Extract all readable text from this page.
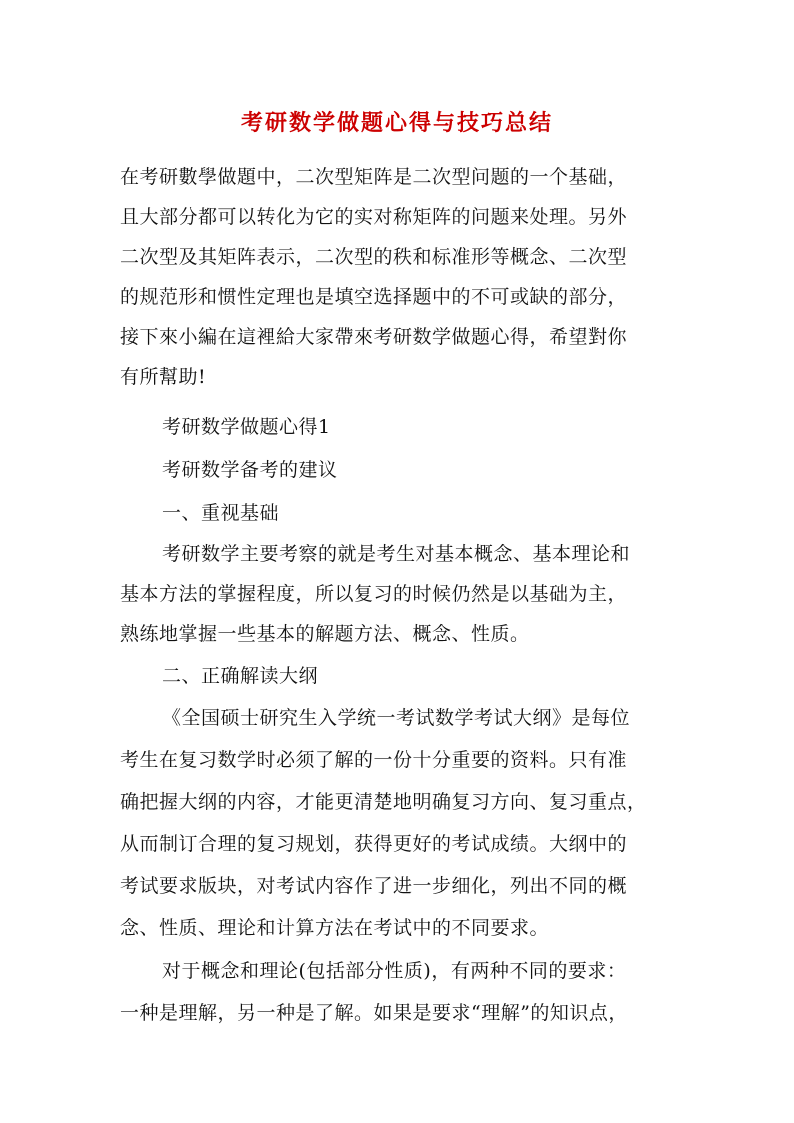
考研数学做题心得与技巧总结
在考研數學做題中，二次型矩阵是二次型问题的一个基础，
且大部分都可以转化为它的实对称矩阵的问题来处理。另外
二次型及其矩阵表示，二次型的秩和标准形等概念、二次型
的规范形和惯性定理也是填空选择题中的不可或缺的部分，
接下來小編在這裡給大家帶來考研数学做题心得，希望對你
有所幫助!
考研数学做题心得1
考研数学备考的建议
一、重视基础
考研数学主要考察的就是考生对基本概念、基本理论和
基本方法的掌握程度，所以复习的时候仍然是以基础为主，
熟练地掌握一些基本的解题方法、概念、性质。
二、正确解读大纲
《全国硕士研究生入学统一考试数学考试大纲》是每位
考生在复习数学时必须了解的一份十分重要的资料。只有准
确把握大纲的内容，才能更清楚地明确复习方向、复习重点，
从而制订合理的复习规划，获得更好的考试成绩。大纲中的
考试要求版块，对考试内容作了进一步细化，列出不同的概
念、性质、理论和计算方法在考试中的不同要求。
对于概念和理论(包括部分性质)，有两种不同的要求：
一种是理解，另一种是了解。如果是要求“理解”的知识点，
